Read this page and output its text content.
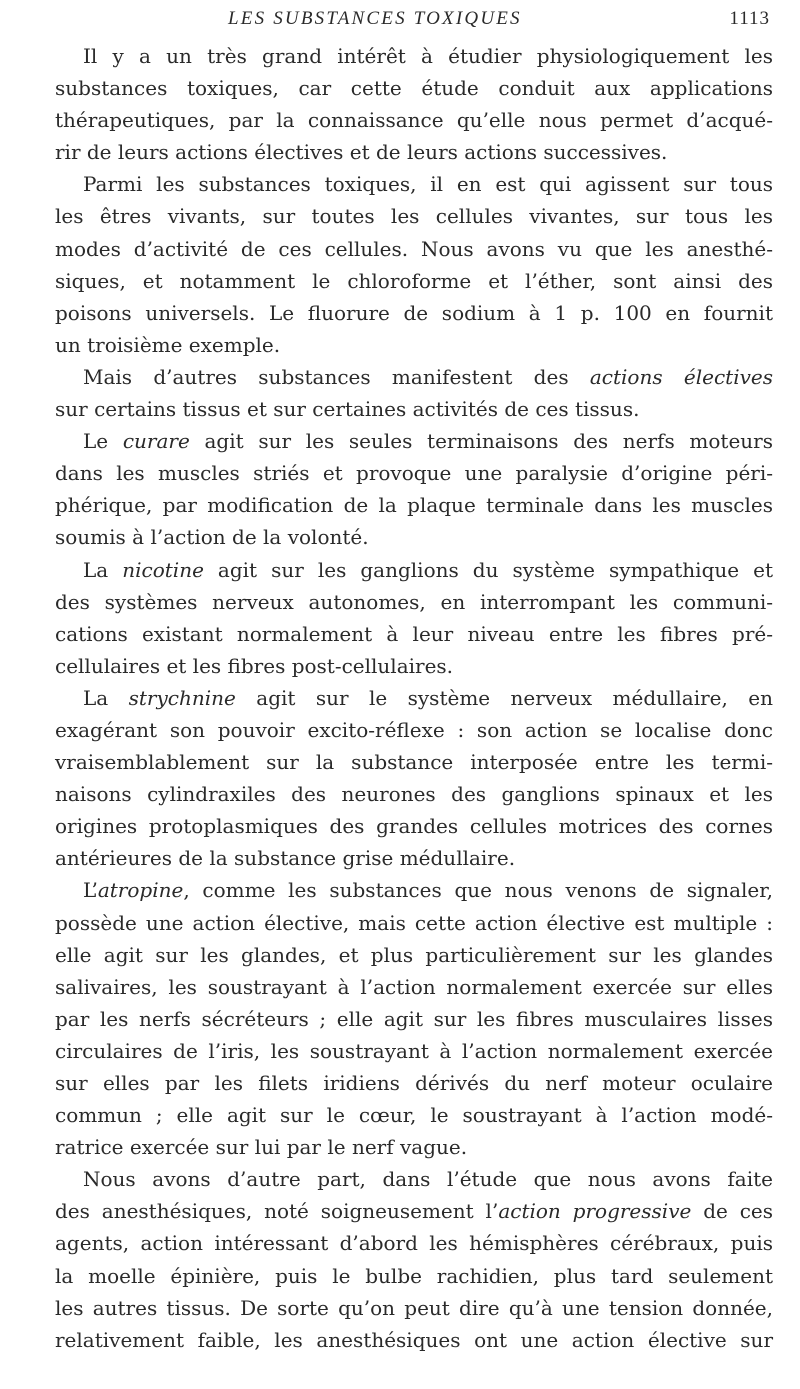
LES SUBSTANCES TOXIQUES	1113
Il y a un très grand intérêt à étudier physiologiquement les
substances toxiques, car cette étude conduit aux applications
thérapeutiques, par la connaissance qu’elle nous permet d’acqué-
rir de leurs actions électives et de leurs actions successives.
Parmi les substances toxiques, il en est qui agissent sur tous
les êtres vivants, sur toutes les cellules vivantes, sur tous les
modes d’activité de ces cellules. Nous avons vu que les anesthé-
siques, et notamment le chloroforme et l’éther, sont ainsi des
poisons universels. Le fluorure de sodium à 1 p. 100 en fournit
un troisième exemple.
Mais d’autres substances manifestent des actions électives
sur certains tissus et sur certaines activités de ces tissus.
Le curare agit sur les seules terminaisons des nerfs moteurs
dans les muscles striés et provoque une paralysie d’origine péri-
phérique, par modification de la plaque terminale dans les muscles
soumis à l’action de la volonté.
La nicotine agit sur les ganglions du système sympathique et
des systèmes nerveux autonomes, en interrompant les communi-
cations existant normalement à leur niveau entre les fibres pré-
cellulaires et les fibres post-cellulaires.
La strychnine agit sur le système nerveux médullaire, en
exagérant son pouvoir excito-réflexe : son action se localise donc
vraisemblablement sur la substance interposée entre les termi-
naisons cylindraxiles des neurones des ganglions spinaux et les
origines protoplasmiques des grandes cellules motrices des cornes
antérieures de la substance grise médullaire.
L’atropine, comme les substances que nous venons de signaler,
possède une action élective, mais cette action élective est multiple :
elle agit sur les glandes, et plus particulièrement sur les glandes
salivaires, les soustrayant à l’action normalement exercée sur elles
par les nerfs sécréteurs ; elle agit sur les fibres musculaires lisses
circulaires de l’iris, les soustrayant à l’action normalement exercée
sur elles par les filets iridiens dérivés du nerf moteur oculaire
commun ; elle agit sur le cœur, le soustrayant à l’action modé-
ratrice exercée sur lui par le nerf vague.
Nous avons d’autre part, dans l’étude que nous avons faite
des anesthésiques, noté soigneusement l’action progressive de ces
agents, action intéressant d’abord les hémisphères cérébraux, puis
la moelle épinière, puis le bulbe rachidien, plus tard seulement
les autres tissus. De sorte qu’on peut dire qu’à une tension donnée,
relativement faible, les anesthésiques ont une action élective sur
